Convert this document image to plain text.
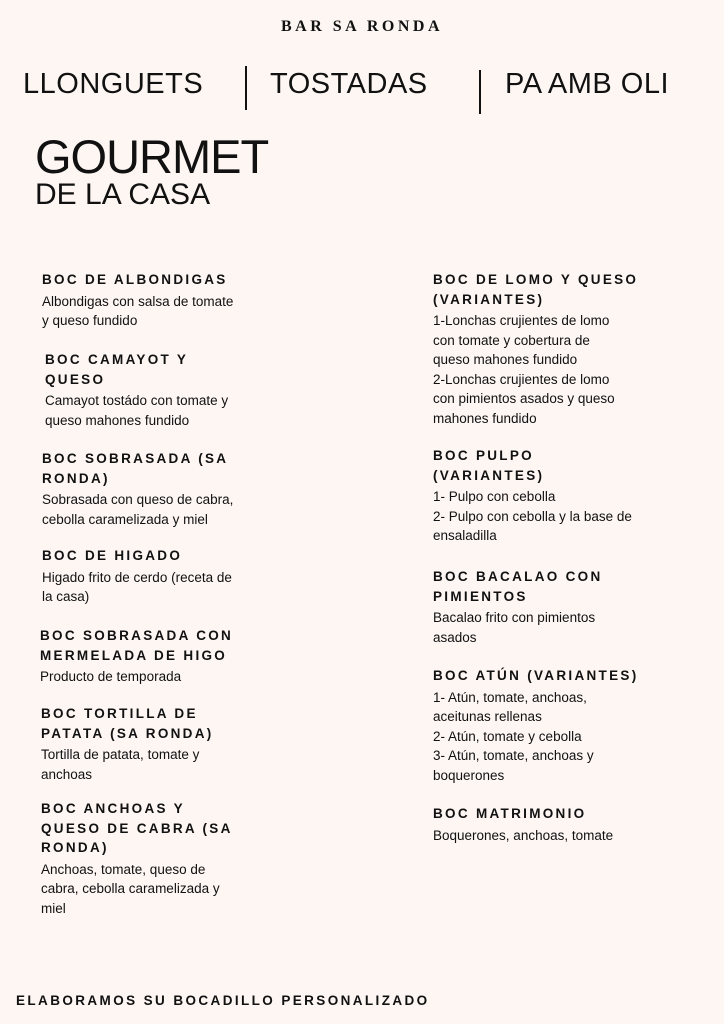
BAR SA RONDA
LLONGUETS TOSTADAS	PA AMB OLI
GOURMET
DE LA CASA
BOC DE ALBONDIGAS
Albondigas con salsa de tomate
y queso fundido
BOC CAMAYOT Y
QUESO
Camayot tostádo con tomate y
queso mahones fundido
BOC SOBRASADA (SA
RONDA)
Sobrasada con queso de cabra,
cebolla caramelizada y miel
BOC DE HIGADO
Higado frito de cerdo (receta de
la casa)
BOC SOBRASADA CON
MERMELADA DE HIGO
Producto de temporada
BOC TORTILLA DE
PATATA (SA RONDA)
Tortilla de patata, tomate y
anchoas
BOC ANCHOAS Y
QUESO DE CABRA (SA
RONDA)
Anchoas, tomate, queso de
cabra, cebolla caramelizada y
miel
BOC DE LOMO Y QUESO
(VARIANTES)
1-Lonchas crujientes de lomo
con tomate y cobertura de
queso mahones fundido
2-Lonchas crujientes de lomo
con pimientos asados y queso
mahones fundido
BOC PULPO
(VARIANTES)
1- Pulpo con cebolla
2- Pulpo con cebolla y la base de
ensaladilla
BOC BACALAO CON
PIMIENTOS
Bacalao frito con pimientos
asados
BOC ATÚN (VARIANTES)
1- Atún, tomate, anchoas,
aceitunas rellenas
2- Atún, tomate y cebolla
3- Atún, tomate, anchoas y
boquerones
BOC MATRIMONIO
Boquerones, anchoas, tomate
ELABORAMOS SU BOCADILLO PERSONALIZADO
